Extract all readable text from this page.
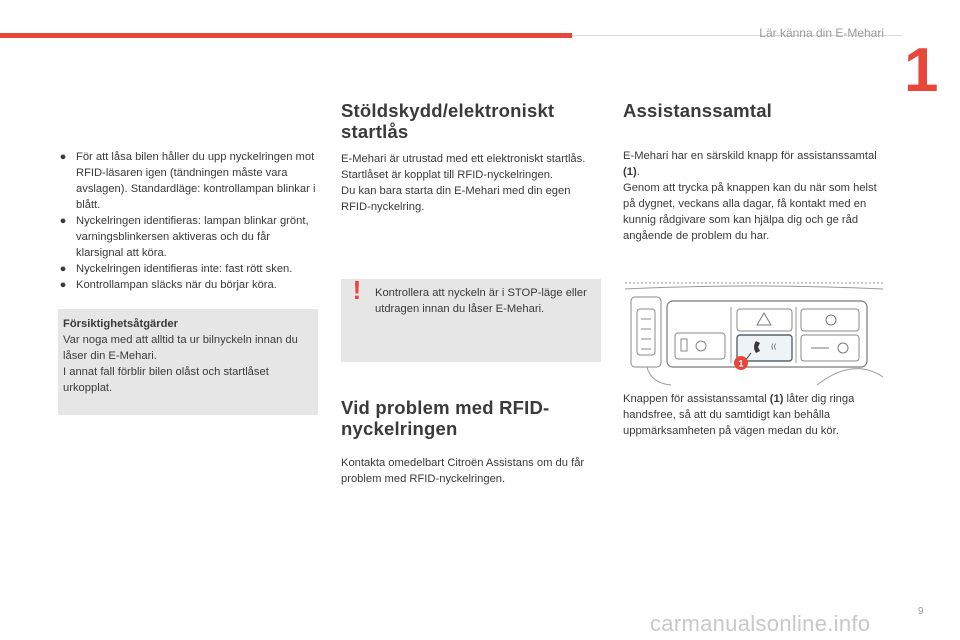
Lär känna din E-Mehari
1
● För att låsa bilen håller du upp nyckelringen mot RFID-läsaren igen (tändningen måste vara avslagen). Standardläge: kontrollampan blinkar i blått.
● Nyckelringen identifieras: lampan blinkar grönt, varningsblinkersen aktiveras och du får klarsignal att köra.
● Nyckelringen identifieras inte: fast rött sken.
● Kontrollampan släcks när du börjar köra.
Försiktighetsåtgärder
Var noga med att alltid ta ur bilnyckeln innan du låser din E-Mehari.
I annat fall förblir bilen olåst och startlåset urkopplat.
Stöldskydd/elektroniskt startlås

E-Mehari är utrustad med ett elektroniskt startlås.

Startlåset är kopplat till RFID-nyckelringen.

Du kan bara starta din E-Mehari med din egen RFID-nyckelring.

!	Kontrollera att nyckeln är i STOP-läge eller utdragen innan du låser E-Mehari.
Vid problem med RFID-nyckelringen

Kontakta omedelbart Citroën Assistans om du får problem med RFID-nyckelringen.

Assistanssamtal

E-Mehari har en särskild knapp för assistanssamtal (1).

Genom att trycka på knappen kan du när som helst på dygnet, veckans alla dagar, få kontakt med en kunnig rådgivare som kan hjälpa dig och ge råd angående de problem du har.

((
1

Knappen för assistanssamtal (1) låter dig ringa handsfree, så att du samtidigt kan behålla uppmärksamheten på vägen medan du kör.

9
carmanualsonline.info
